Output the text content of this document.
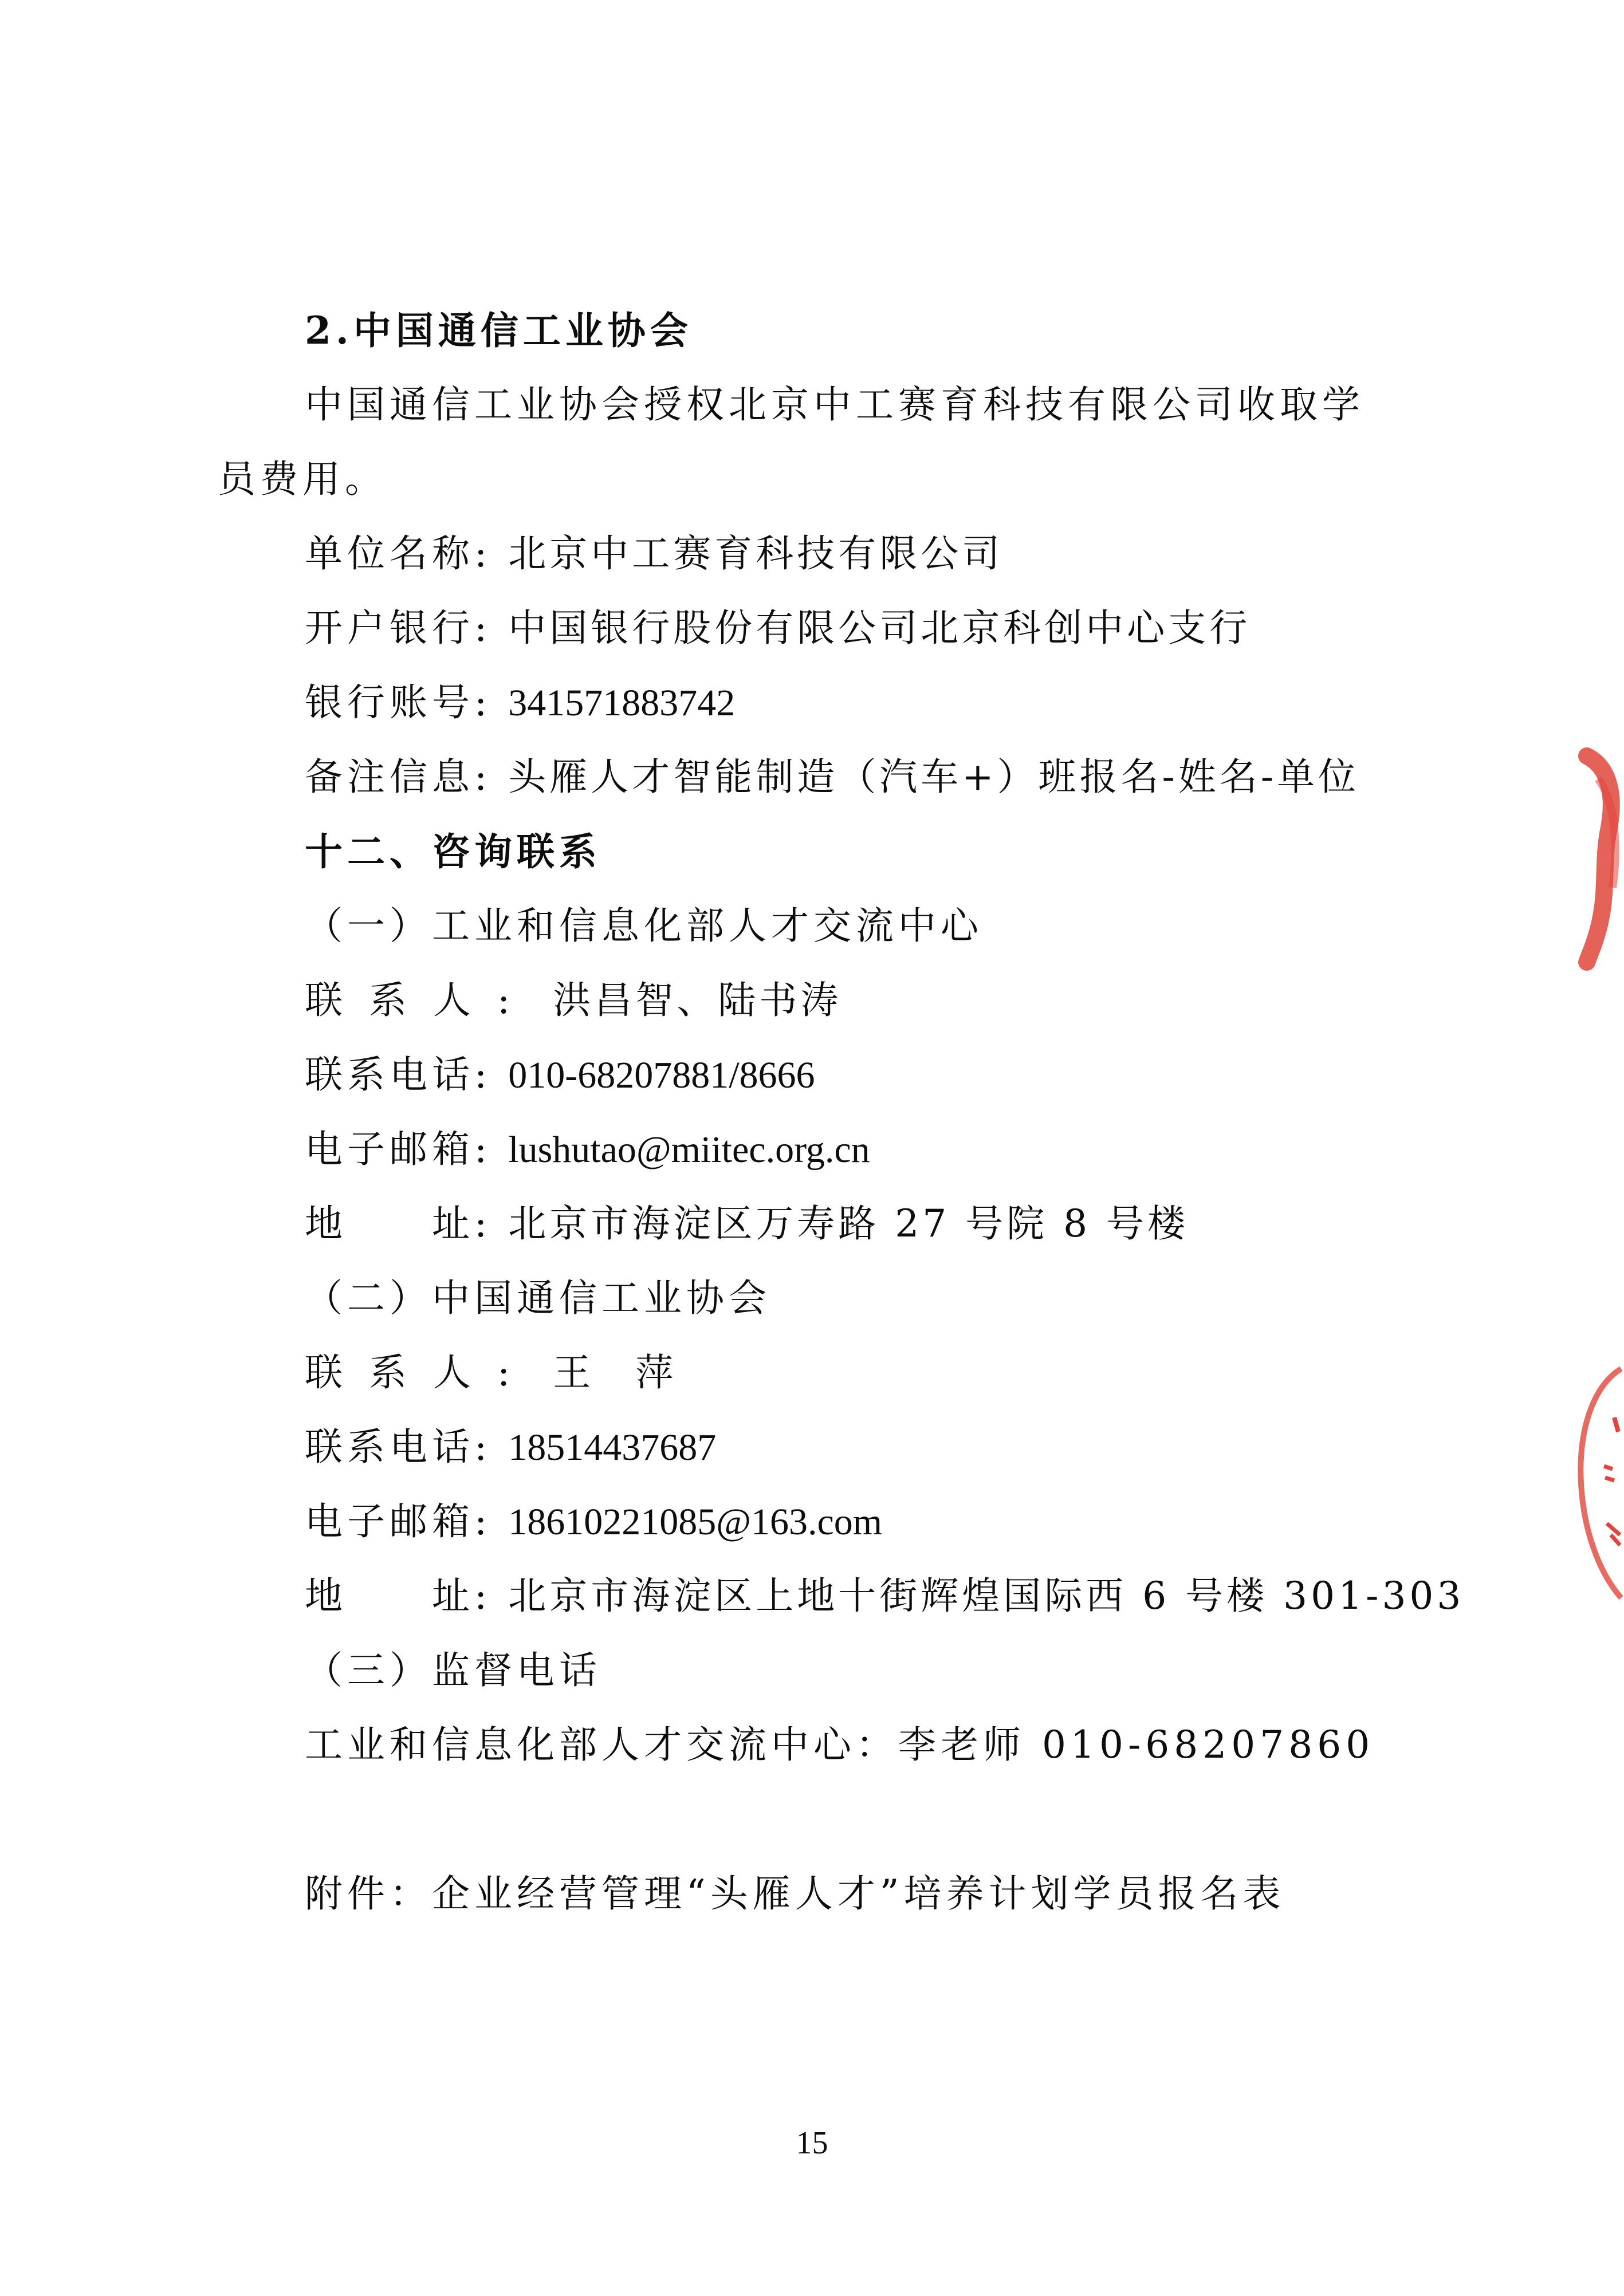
2.中国通信工业协会
中国通信工业协会授权北京中工赛育科技有限公司收取学
员费用。
单位名称: 北京中工赛育科技有限公司
开户银行: 中国银行股份有限公司北京科创中心支行
银行账号: 341571883742
备注信息: 头雁人才智能制造（汽车+）班报名-姓名-单位
十二、咨询联系
（一）工业和信息化部人才交流中心
联系人: 洪昌智、陆书涛
联系电话: 010-68207881/8666
电子邮箱: lushutao@miitec.org.cn
地　　址: 北京市海淀区万寿路 27 号院 8 号楼
（二）中国通信工业协会
联系人: 王　萍
联系电话: 18514437687
电子邮箱: 18610221085@163.com
地　　址: 北京市海淀区上地十街辉煌国际西 6 号楼 301-303
（三）监督电话
工业和信息化部人才交流中心：李老师 010-68207860
附件：企业经营管理“头雁人才”培养计划学员报名表
15
